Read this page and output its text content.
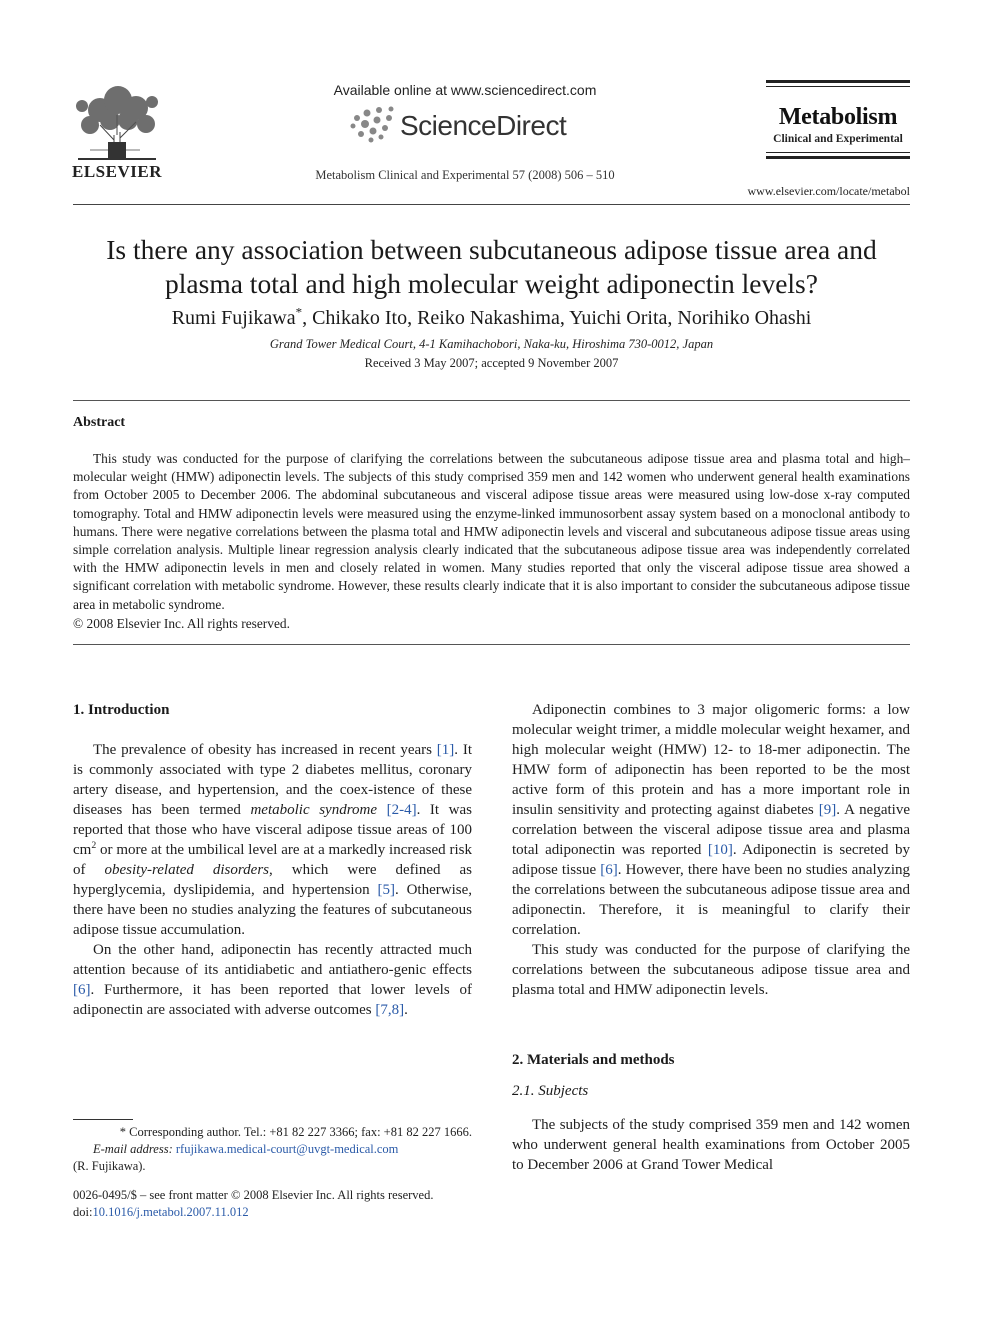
ELSEVIER
Available online at www.sciencedirect.com
ScienceDirect
Metabolism Clinical and Experimental 57 (2008) 506 – 510
Metabolism
Clinical and Experimental
www.elsevier.com/locate/metabol
Is there any association between subcutaneous adipose tissue area and plasma total and high molecular weight adiponectin levels?
Rumi Fujikawa*, Chikako Ito, Reiko Nakashima, Yuichi Orita, Norihiko Ohashi
Grand Tower Medical Court, 4-1 Kamihachobori, Naka-ku, Hiroshima 730-0012, Japan
Received 3 May 2007; accepted 9 November 2007
Abstract

This study was conducted for the purpose of clarifying the correlations between the subcutaneous adipose tissue area and plasma total and high–molecular weight (HMW) adiponectin levels. The subjects of this study comprised 359 men and 142 women who underwent general health examinations from October 2005 to December 2006. The abdominal subcutaneous and visceral adipose tissue areas were measured using low-dose x-ray computed tomography. Total and HMW adiponectin levels were measured using the enzyme-linked immunosorbent assay system based on a monoclonal antibody to humans. There were negative correlations between the plasma total and HMW adiponectin levels and visceral and subcutaneous adipose tissue areas using simple correlation analysis. Multiple linear regression analysis clearly indicated that the subcutaneous adipose tissue area was independently correlated with the HMW adiponectin levels in men and closely related in women. Many studies reported that only the visceral adipose tissue area showed a significant correlation with metabolic syndrome. However, these results clearly indicate that it is also important to consider the subcutaneous adipose tissue area in metabolic syndrome.

© 2008 Elsevier Inc. All rights reserved.
1. Introduction

The prevalence of obesity has increased in recent years [1]. It is commonly associated with type 2 diabetes mellitus, coronary artery disease, and hypertension, and the coex-istence of these diseases has been termed metabolic syndrome [2-4]. It was reported that those who have visceral adipose tissue areas of 100 $cm^2$ or more at the umbilical level are at a markedly increased risk of obesity-related disorders, which were defined as hyperglycemia, dyslipidemia, and hypertension [5]. Otherwise, there have been no studies analyzing the features of subcutaneous adipose tissue accumulation.

On the other hand, adiponectin has recently attracted much attention because of its antidiabetic and antiathero-genic effects [6]. Furthermore, it has been reported that lower levels of adiponectin are associated with adverse outcomes [7,8].

Adiponectin combines to 3 major oligomeric forms: a low molecular weight trimer, a middle molecular weight hexamer, and high molecular weight (HMW) 12- to 18-mer adiponectin. The HMW form of adiponectin has been reported to be the most active form of this protein and has a more important role in insulin sensitivity and protecting against diabetes [9]. A negative correlation between the visceral adipose tissue area and plasma total adiponectin was reported [10]. Adiponectin is secreted by adipose tissue [6]. However, there have been no studies analyzing the correlations between the subcutaneous adipose tissue area and adiponectin. Therefore, it is meaningful to clarify their correlation.

This study was conducted for the purpose of clarifying the correlations between the subcutaneous adipose tissue area and plasma total and HMW adiponectin levels.

2. Materials and methods
2.1. Subjects

The subjects of the study comprised 359 men and 142 women who underwent general health examinations from October 2005 to December 2006 at Grand Tower Medical

* Corresponding author. Tel.: +81 82 227 3366; fax: +81 82 227 1666.
E-mail address: rfujikawa.medical-court@uvgt-medical.com
(R. Fujikawa).
0026-0495/$ – see front matter © 2008 Elsevier Inc. All rights reserved.
doi:10.1016/j.metabol.2007.11.012
